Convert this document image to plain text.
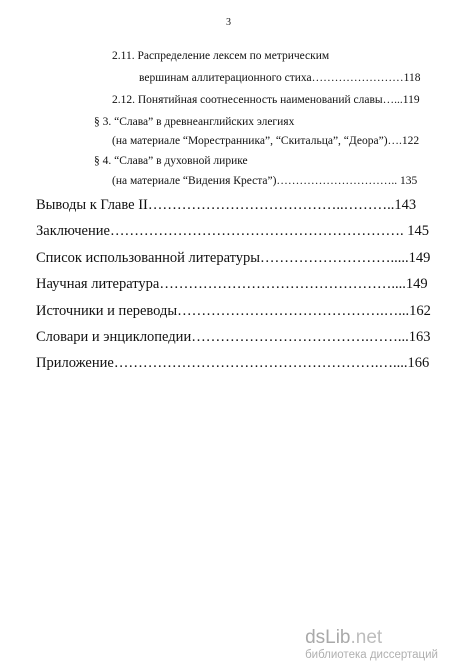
3
2.11. Распределение лексем по метрическим
вершинам аллитерационного стиха……………………118
2.12. Понятийная соотнесенность наименований славы…...119
§ 3. “Слава” в древнеанглийских элегиях
(на материале “Морестранника”, “Скитальца”, “Деора”)….122
§ 4. “Слава” в духовной лирике
(на материале “Видения Креста”)………………………….. 135
Выводы к Главе II…………………………………..………..143
Заключение……………………………………………………. 145
Список использованной литературы……………………….....149
Научная литература…………………………………………....149
Источники и переводы…………………………………….…...162
Словари и энциклопедии……………………………….……...163
Приложение……………………………………………….…....166
dsLib.net
библиотека диссертаций
